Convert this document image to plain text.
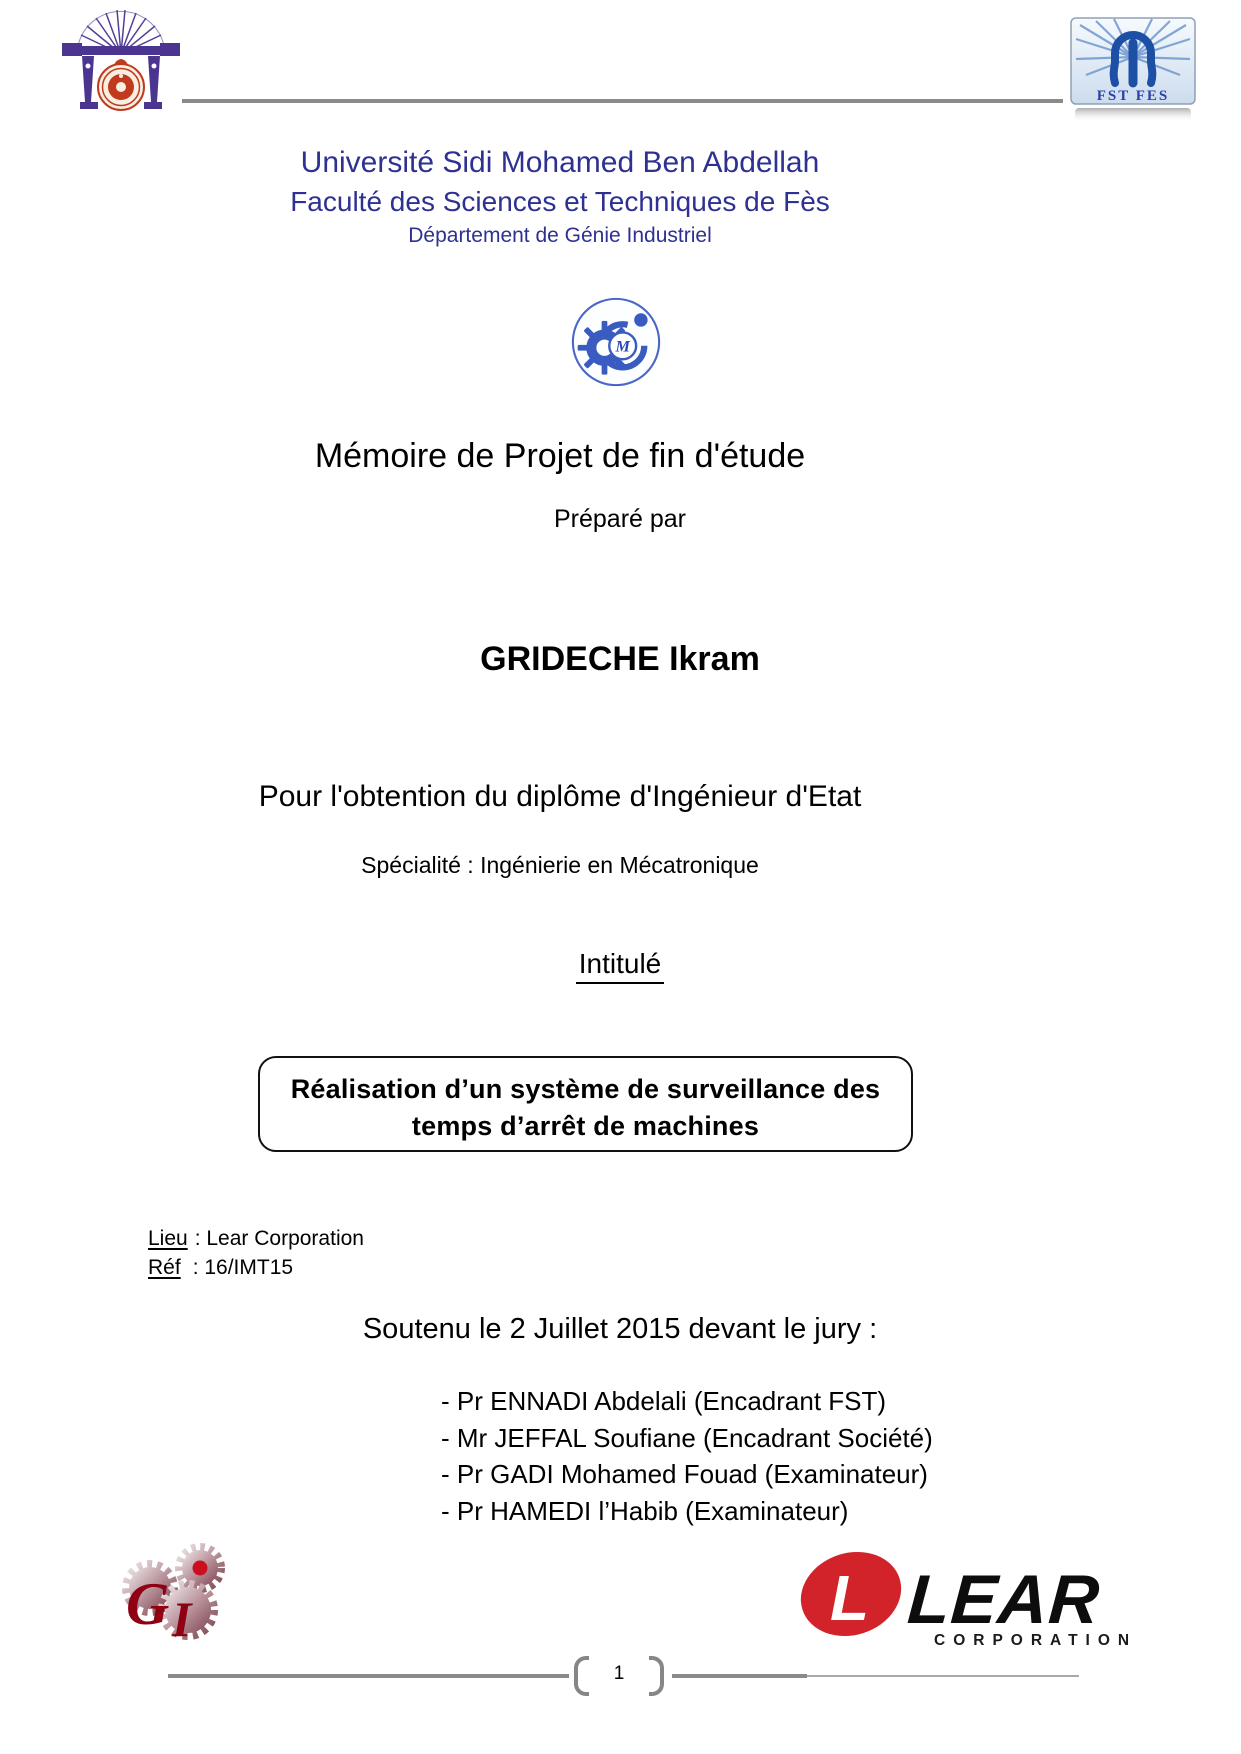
FST FES
Université Sidi Mohamed Ben Abdellah
Faculté des Sciences et Techniques de Fès
Département de Génie Industriel
M
Mémoire de Projet de fin d'étude
Préparé par
GRIDECHE Ikram
Pour l'obtention du diplôme d'Ingénieur d'Etat
Spécialité : Ingénierie en Mécatronique
Intitulé
Réalisation d’un système de surveillance des
temps d’arrêt de machines
Lieu : Lear Corporation
Réf : 16/IMT15
Soutenu le 2 Juillet 2015 devant le jury :
- Pr ENNADI Abdelali (Encadrant FST)
- Mr JEFFAL Soufiane (Encadrant Société)
- Pr GADI Mohamed Fouad (Examinateur)
- Pr HAMEDI l’Habib (Examinateur)
G I	L LEAR
CORPORATION
1
